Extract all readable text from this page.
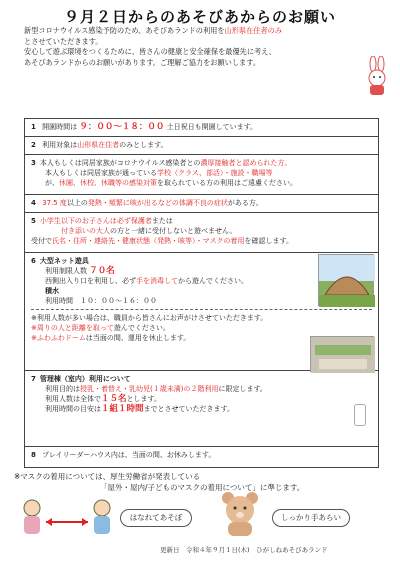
９月２日からのあそびあからのお願い
新型コロナウイルス感染予防のため、あそびあランドの利用を山形県在住者のみ
とさせていただきます。
安心して遊ぶ環境をつくるために、皆さんの健康と安全確保を最優先に考え、
あそびあランドからのお願いがあります。ご理解ご協力をお願いします。
1 開園時間は ９：００～１８：００ 土日祝日も開園しています。
2 利用対象は山形県在住者のみとします。
3 本人もしくは同居家族がコロナウイルス感染者との濃厚接触者と認められた方。
本人もしくは同居家族が通っている学校（クラス、部活）・施設・職場等
が、休園、休校、休職等の感染対策を取られている方の利用はご遠慮ください。
4 37.5 度以上の発熱・頻繁に咳が出るなどの体調不良の症状がある方。
5 小学生以下のお子さんは必ず保護者または
付き添いの大人の方と一緒に受付しないと遊べません。
受付で氏名・住所・連絡先・健康状態（発熱・咳等）・マスクの着用を確認します。
6 大型ネット遊具
利用制限人数 ７０名
西側出入り口を利用し、必ず手を消毒してから遊んでください。
積水
利用時間　１０：００～１６：００
※利用人数が多い場合は、職員から皆さんにお声がけさせていただきます。
※周りの人と距離を取って遊んでください。
※ふわふわドームは当面の間、運用を休止します。
7 管理棟（室内）利用について
利用目的は授乳・着替え・乳幼児(１歳未満)の２階利用に限定します。
利用人数は全体で１５名とします。
利用時間の目安は１組１時間までとさせていただきます。
8 プレイリーダーハウス内は、当面の間、お休みします。
※マスクの着用については、厚生労働省が発表している
「屋外・屋内/子どものマスクの着用について」に準じます。
はなれてあそぼ	しっかり手あらい
更新日　令和４年９月１日(木)　ひがしねあそびあランド
